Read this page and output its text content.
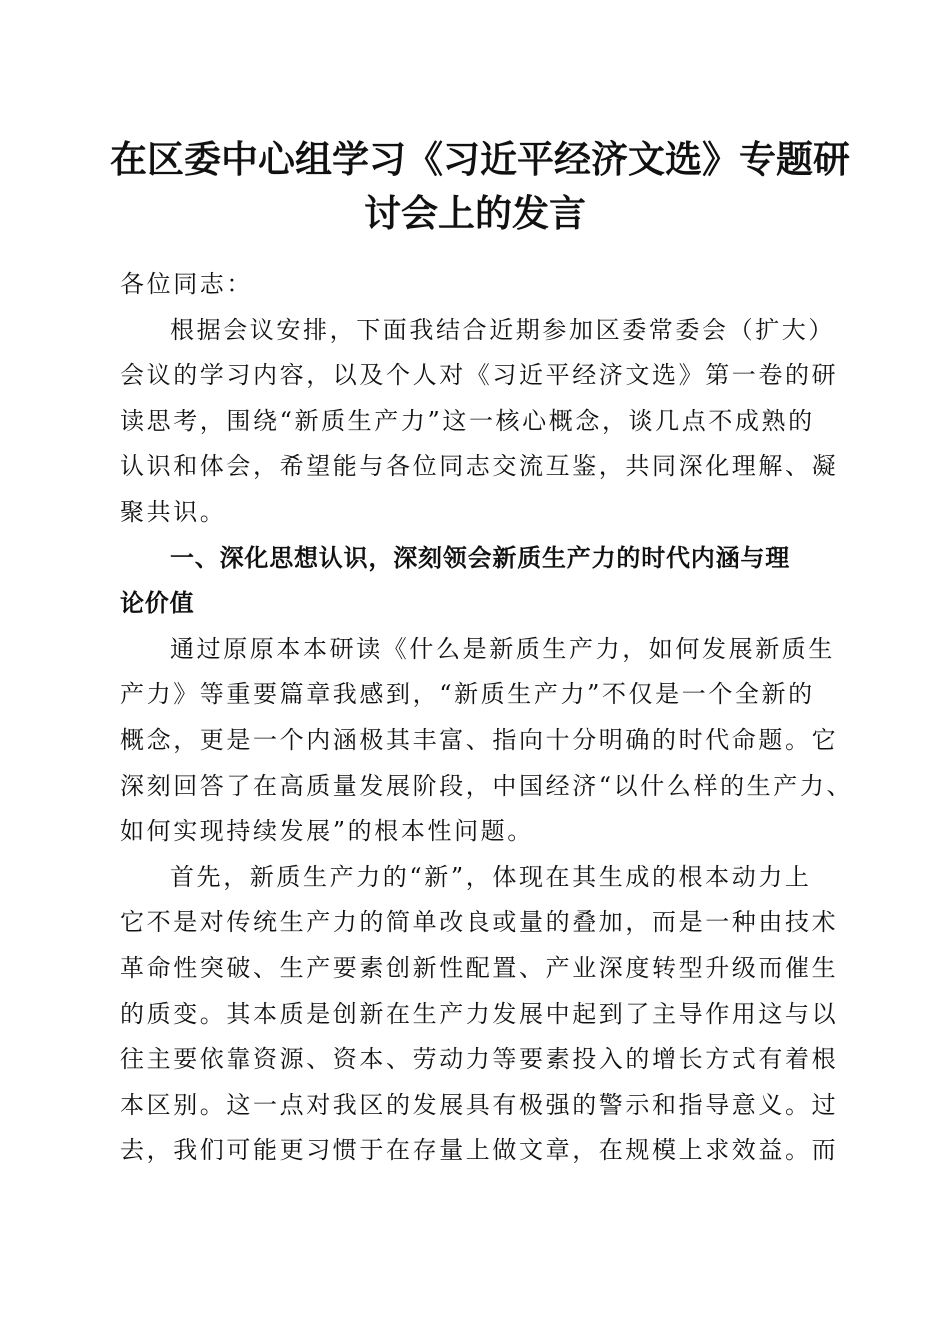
在区委中心组学习《习近平经济文选》专题研
讨会上的发言
各位同志：
根据会议安排，下面我结合近期参加区委常委会（扩大）
会议的学习内容，以及个人对《习近平经济文选》第一卷的研
读思考，围绕“新质生产力”这一核心概念，谈几点不成熟的
认识和体会，希望能与各位同志交流互鉴，共同深化理解、凝
聚共识。
一、深化思想认识，深刻领会新质生产力的时代内涵与理
论价值
通过原原本本研读《什么是新质生产力，如何发展新质生
产力》等重要篇章我感到，“新质生产力”不仅是一个全新的
概念，更是一个内涵极其丰富、指向十分明确的时代命题。它
深刻回答了在高质量发展阶段，中国经济“以什么样的生产力、
如何实现持续发展”的根本性问题。
首先，新质生产力的“新”，体现在其生成的根本动力上
它不是对传统生产力的简单改良或量的叠加，而是一种由技术
革命性突破、生产要素创新性配置、产业深度转型升级而催生
的质变。其本质是创新在生产力发展中起到了主导作用这与以
往主要依靠资源、资本、劳动力等要素投入的增长方式有着根
本区别。这一点对我区的发展具有极强的警示和指导意义。过
去，我们可能更习惯于在存量上做文章，在规模上求效益。而
